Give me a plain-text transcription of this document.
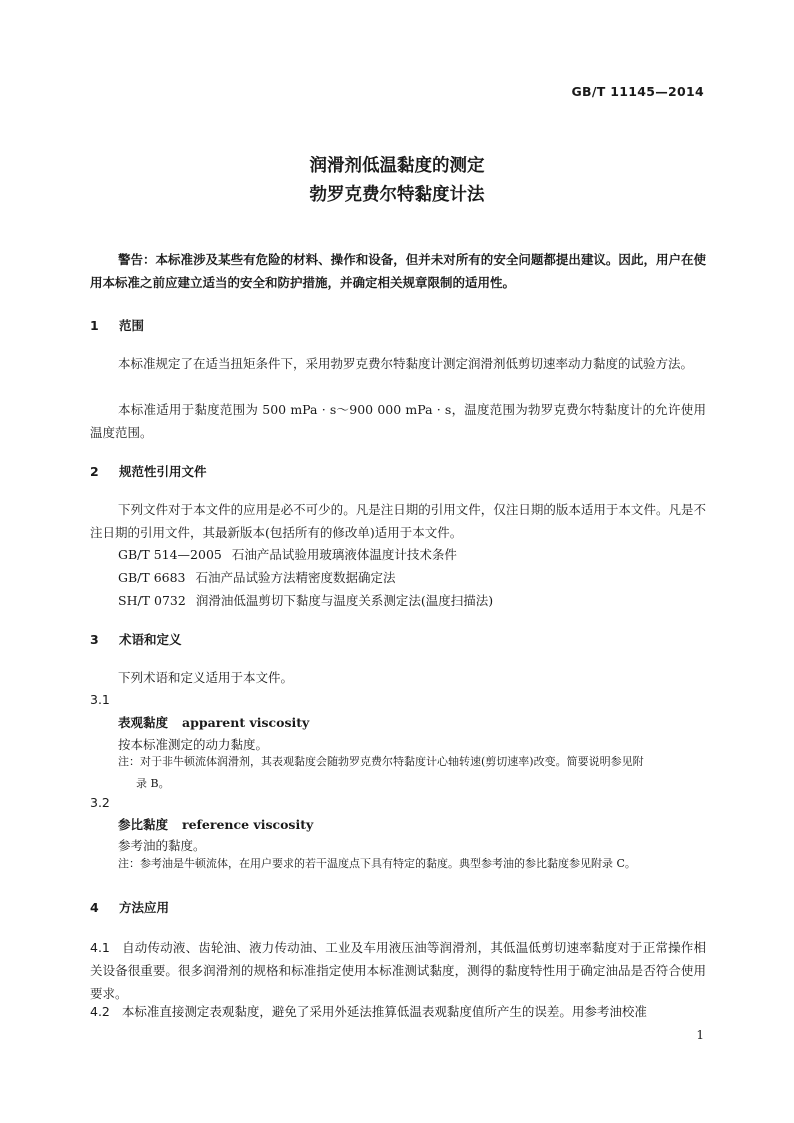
GB/T 11145—2014
润滑剂低温黏度的测定
勃罗克费尔特黏度计法
警告：本标准涉及某些有危险的材料、操作和设备，但并未对所有的安全问题都提出建议。因此，用户在使用本标准之前应建立适当的安全和防护措施，并确定相关规章限制的适用性。
1 范围
本标准规定了在适当扭矩条件下，采用勃罗克费尔特黏度计测定润滑剂低剪切速率动力黏度的试验方法。
本标准适用于黏度范围为 500 mPa · s～900 000 mPa · s，温度范围为勃罗克费尔特黏度计的允许使用温度范围。
2 规范性引用文件
下列文件对于本文件的应用是必不可少的。凡是注日期的引用文件，仅注日期的版本适用于本文件。凡是不注日期的引用文件，其最新版本(包括所有的修改单)适用于本文件。
GB/T 514—2005 石油产品试验用玻璃液体温度计技术条件
GB/T 6683 石油产品试验方法精密度数据确定法
SH/T 0732 润滑油低温剪切下黏度与温度关系测定法(温度扫描法)
3 术语和定义
下列术语和定义适用于本文件。
3.1
表观黏度 apparent viscosity
按本标准测定的动力黏度。
注：对于非牛顿流体润滑剂，其表观黏度会随勃罗克费尔特黏度计心轴转速(剪切速率)改变。简要说明参见附
录 B。
3.2
参比黏度 reference viscosity
参考油的黏度。
注：参考油是牛顿流体，在用户要求的若干温度点下具有特定的黏度。典型参考油的参比黏度参见附录 C。
4 方法应用
4.1 自动传动液、齿轮油、液力传动油、工业及车用液压油等润滑剂，其低温低剪切速率黏度对于正常操作相关设备很重要。很多润滑剂的规格和标准指定使用本标准测试黏度，测得的黏度特性用于确定油品是否符合使用要求。
4.2 本标准直接测定表观黏度，避免了采用外延法推算低温表观黏度值所产生的误差。用参考油校准
1
